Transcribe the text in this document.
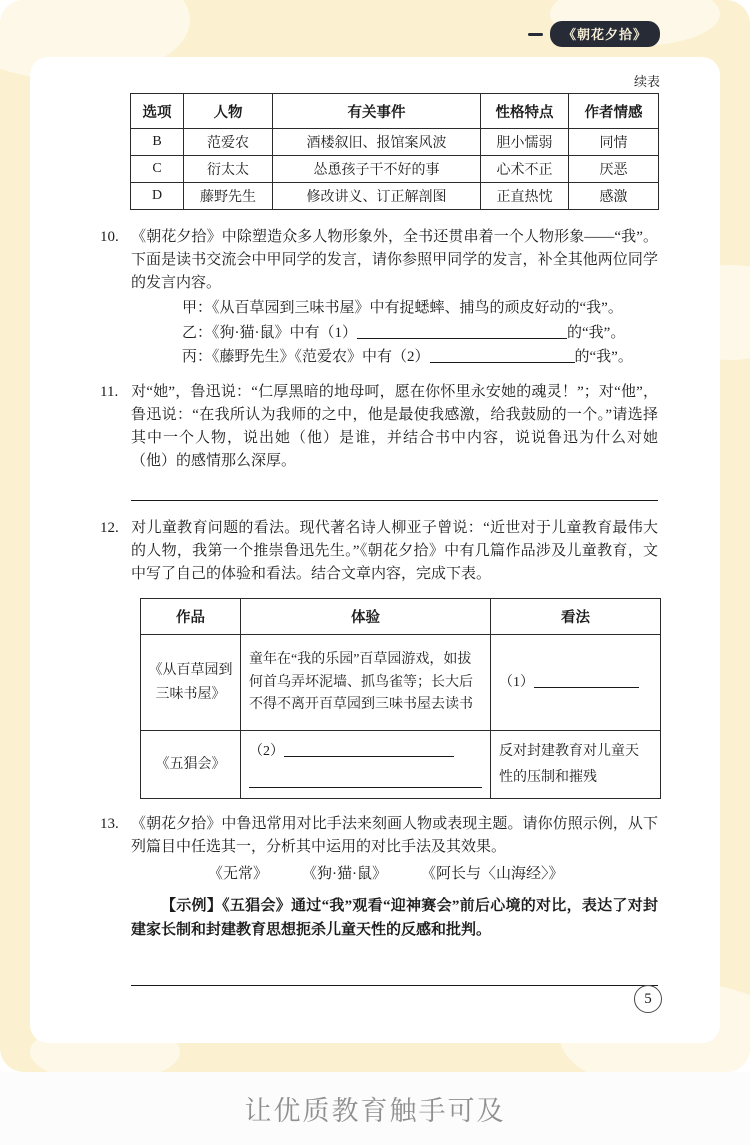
《朝花夕拾》
续表
选项	人物	有关事件	性格特点	作者情感
B	范爱农	酒楼叙旧、报馆案风波	胆小懦弱	同情
C	衍太太	怂恿孩子干不好的事	心术不正	厌恶
D	藤野先生	修改讲义、订正解剖图	正直热忱	感激

10. 《朝花夕拾》中除塑造众多人物形象外，全书还贯串着一个人物形象——“我”。下面是读书交流会中甲同学的发言，请你参照甲同学的发言，补全其他两位同学的发言内容。

甲：《从百草园到三味书屋》中有捉蟋蟀、捕鸟的顽皮好动的“我”。

乙：《狗·猫·鼠》中有（1）	的“我”。

丙：《藤野先生》《范爱农》中有（2）	的“我”。

11. 对“她”，鲁迅说：“仁厚黑暗的地母呵，愿在你怀里永安她的魂灵！”；对“他”，鲁迅说：“在我所认为我师的之中，他是最使我感激，给我鼓励的一个。”请选择其中一个人物，说出她（他）是谁，并结合书中内容，说说鲁迅为什么对她（他）的感情那么深厚。

12. 对儿童教育问题的看法。现代著名诗人柳亚子曾说：“近世对于儿童教育最伟大的人物，我第一个推崇鲁迅先生。”《朝花夕拾》中有几篇作品涉及儿童教育，文中写了自己的体验和看法。结合文章内容，完成下表。

作品	体验	看法
《从百草园到三味书屋》	童年在“我的乐园”百草园游戏，如拔何首乌弄坏泥墙、抓鸟雀等；长大后不得不离开百草园到三味书屋去读书	（1）
《五猖会》	（2）	反对封建教育对儿童天性的压制和摧残

13. 《朝花夕拾》中鲁迅常用对比手法来刻画人物或表现主题。请你仿照示例，从下列篇目中任选其一，分析其中运用的对比手法及其效果。

《无常》 《狗·猫·鼠》 《阿长与〈山海经〉》

【示例】《五猖会》通过“我”观看“迎神赛会”前后心境的对比，表达了对封建家长制和封建教育思想扼杀儿童天性的反感和批判。

5
让优质教育触手可及
